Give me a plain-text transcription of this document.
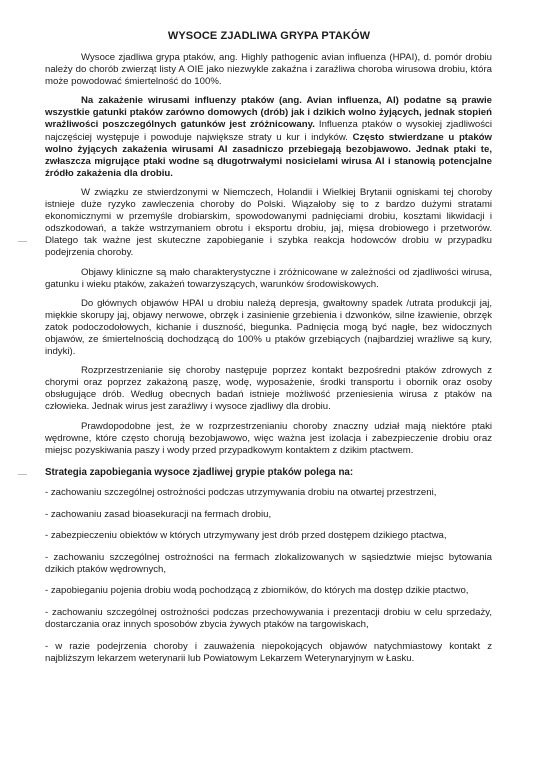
WYSOCE ZJADLIWA GRYPA PTAKÓW

Wysoce zjadliwa grypa ptaków, ang. Highly pathogenic avian influenza (HPAI), d. pomór drobiu należy do chorób zwierząt listy A OIE jako niezwykle zakaźna i zaraźliwa choroba wirusowa drobiu, która może powodować śmiertelność do 100%.

Na zakażenie wirusami influenzy ptaków (ang. Avian influenza, AI) podatne są prawie wszystkie gatunki ptaków zarówno domowych (drób) jak i dzikich wolno żyjących, jednak stopień wrażliwości poszczególnych gatunków jest zróżnicowany. Influenza ptaków o wysokiej zjadliwości najczęściej występuje i powoduje największe straty u kur i indyków. Często stwierdzane u ptaków wolno żyjących zakażenia wirusami AI zasadniczo przebiegają bezobjawowo. Jednak ptaki te, zwłaszcza migrujące ptaki wodne są długotrwałymi nosicielami wirusa AI i stanowią potencjalne źródło zakażenia dla drobiu.

W związku ze stwierdzonymi w Niemczech, Holandii i Wielkiej Brytanii ogniskami tej choroby istnieje duże ryzyko zawleczenia choroby do Polski. Wiązałoby się to z bardzo dużymi stratami ekonomicznymi w przemyśle drobiarskim, spowodowanymi padnięciami drobiu, kosztami likwidacji i odszkodowań, a także wstrzymaniem obrotu i eksportu drobiu, jaj, mięsa drobiowego i przetworów. Dlatego tak ważne jest skuteczne zapobieganie i szybka reakcja hodowców drobiu w przypadku podejrzenia choroby.

Objawy kliniczne są mało charakterystyczne i zróżnicowane w zależności od zjadliwości wirusa, gatunku i wieku ptaków, zakażeń towarzyszących, warunków środowiskowych.

Do głównych objawów HPAI u drobiu należą depresja, gwałtowny spadek /utrata produkcji jaj, miękkie skorupy jaj, objawy nerwowe, obrzęk i zasinienie grzebienia i dzwonków, silne łzawienie, obrzęk zatok podoczodołowych, kichanie i duszność, biegunka. Padnięcia mogą być nagłe, bez widocznych objawów, ze śmiertelnością dochodzącą do 100% u ptaków grzebiących (najbardziej wrażliwe są kury, indyki).

Rozprzestrzenianie się choroby następuje poprzez kontakt bezpośredni ptaków zdrowych z chorymi oraz poprzez zakażoną paszę, wodę, wyposażenie, środki transportu i obornik oraz osoby obsługujące drób. Według obecnych badań istnieje możliwość przeniesienia wirusa z ptaków na człowieka. Jednak wirus jest zaraźliwy i wysoce zjadliwy dla drobiu.

Prawdopodobne jest, że w rozprzestrzenianiu choroby znaczny udział mają niektóre ptaki wędrowne, które często chorują bezobjawowo, więc ważna jest izolacja i zabezpieczenie drobiu oraz miejsc pozyskiwania paszy i wody przed przypadkowym kontaktem z dzikim ptactwem.

Strategia zapobiegania wysoce zjadliwej grypie ptaków polega na:
- zachowaniu szczególnej ostrożności podczas utrzymywania drobiu na otwartej przestrzeni,
- zachowaniu zasad bioasekuracji na fermach drobiu,
- zabezpieczeniu obiektów w których utrzymywany jest drób przed dostępem dzikiego ptactwa,
- zachowaniu szczególnej ostrożności na fermach zlokalizowanych w sąsiedztwie miejsc bytowania dzikich ptaków wędrownych,
- zapobieganiu pojenia drobiu wodą pochodzącą z zbiorników, do których ma dostęp dzikie ptactwo,
- zachowaniu szczególnej ostrożności podczas przechowywania i prezentacji drobiu w celu sprzedaży, dostarczania oraz innych sposobów zbycia żywych ptaków na targowiskach,
- w razie podejrzenia choroby i zauważenia niepokojących objawów natychmiastowy kontakt z najbliższym lekarzem weterynarii lub Powiatowym Lekarzem Weterynaryjnym w Łasku.
